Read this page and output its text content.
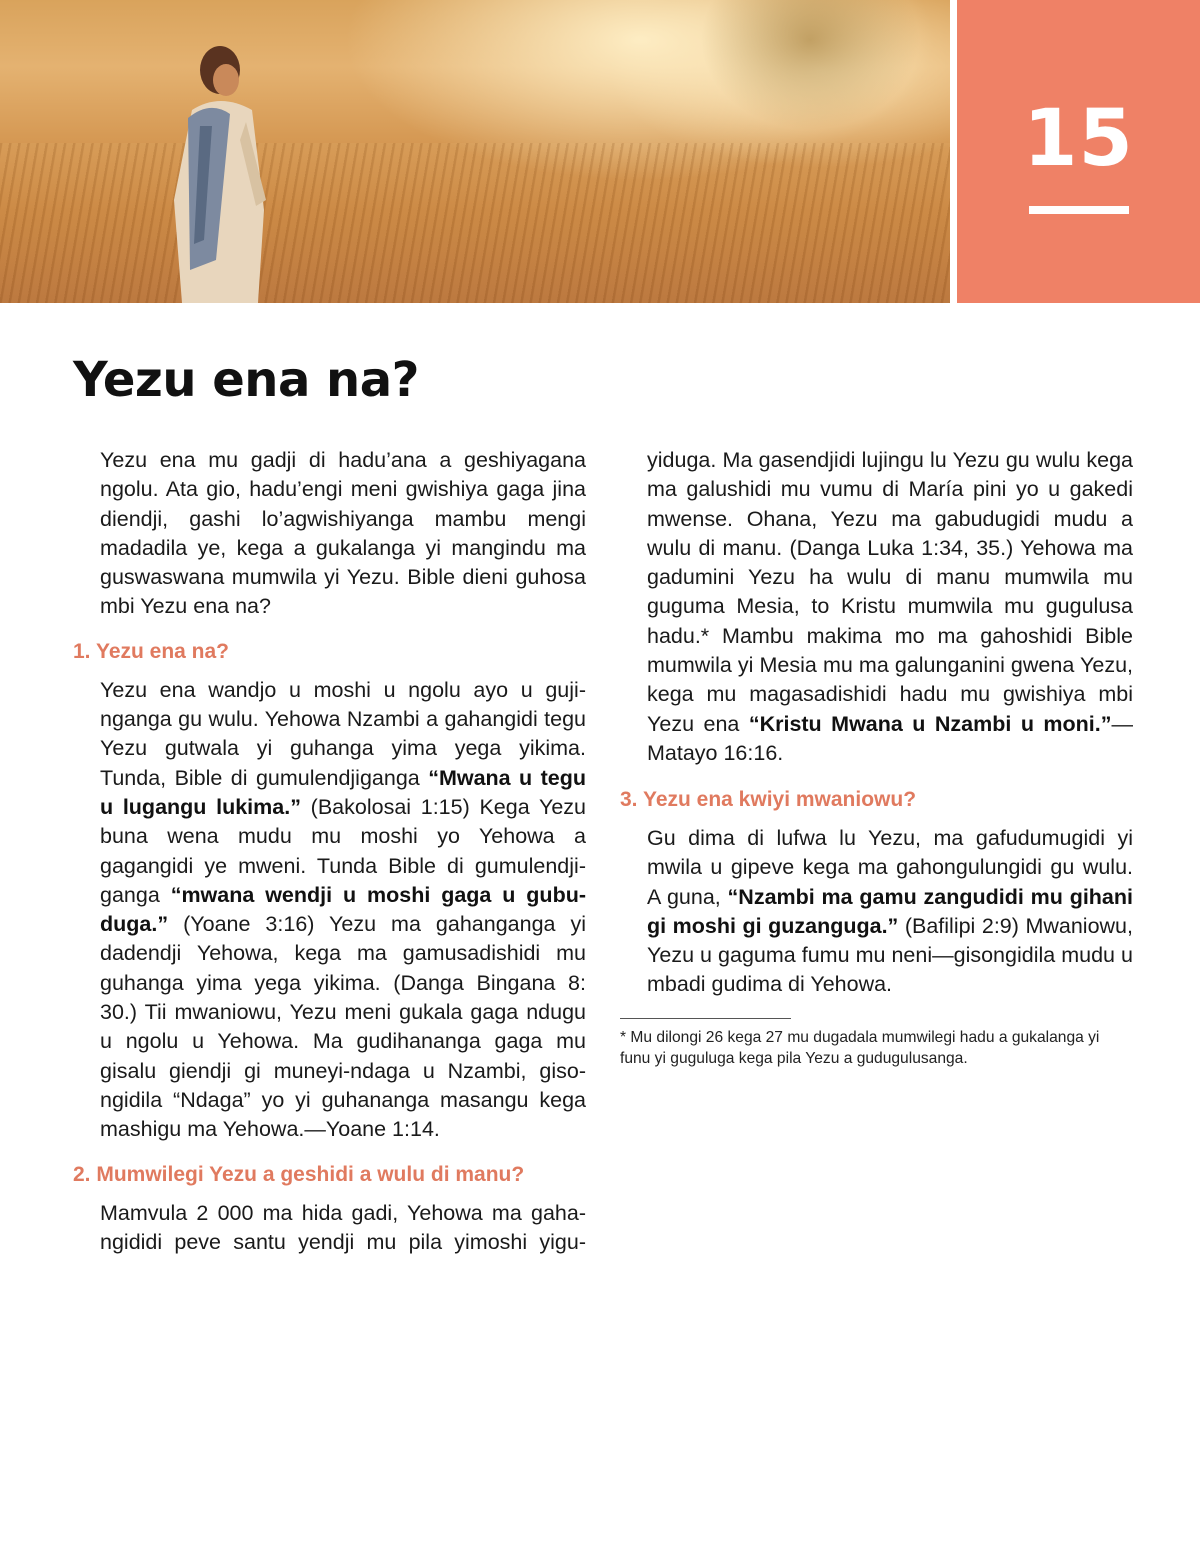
15
Yezu ena na?

Yezu ena mu gadji di hadu’ana a geshiyagana ngolu. Ata gio, hadu’engi meni gwishiya gaga jina diendji, gashi lo’agwishiyanga mambu mengi madadila ye, kega a gukalanga yi mangindu ma guswaswana mumwila yi Yezu. Bible dieni guhosa mbi Yezu ena na?

1. Yezu ena na?

Yezu ena wandjo u moshi u ngolu ayo u gujinganga gu wulu. Yehowa Nzambi a gahangidi tegu Yezu gutwala yi guhanga yima yega yikima. Tunda, Bible di gumulendjiganga “Mwana u tegu u lugangu lukima.” (Bakolosai 1:15) Kega Yezu buna wena mudu mu moshi yo Yehowa a gagangidi ye mweni. Tunda Bible di gumulendjiganga “mwana wendji u moshi gaga u gubuduga.” (Yoane 3:16) Yezu ma gahanganga yi dadendji Yehowa, kega ma gamusadishidi mu guhanga yima yega yikima. (Danga Bingana 8: 30.) Tii mwaniowu, Yezu meni gukala gaga ndugu u ngolu u Yehowa. Ma gudihananga gaga mu gisalu giendji gi muneyi-ndaga u Nzambi, gisongidila “Ndaga” yo yi guhananga masangu kega mashigu ma Yehowa.—Yoane 1:14.

2. Mumwilegi Yezu a geshidi a wulu di manu?

Mamvula 2 000 ma hida gadi, Yehowa ma gahangididi peve santu yendji mu pila yimoshi yigu

iduga. Ma gasendjidi lujingu lu Yezu gu wulu kega ma galushidi mu vumu di María pini yo u gakedi mwense. Ohana, Yezu ma gabudugidi mudu a wulu di manu. (Danga Luka 1:34, 35.) Yehowa ma gadumini Yezu ha wulu di manu mumwila mu guguma Mesia, to Kristu mumwila mu gugulusa hadu.* Mambu makima mo ma gahoshidi Bible mumwila yi Mesia mu ma galunganini gwena Yezu, kega mu magasadishidi hadu mu gwishiya mbi Yezu ena “Kristu Mwana u Nzambi u moni.”—Matayo 16:16.

3. Yezu ena kwiyi mwaniowu?

Gu dima di lufwa lu Yezu, ma gafudumugidi yi mwila u gipeve kega ma gahongulungidi gu wulu. A guna, “Nzambi ma gamu zangudidi mu gihani gi moshi gi guzanguga.” (Bafilipi 2:9) Mwaniowu, Yezu u gaguma fumu mu neni—gisongidila mudu u mbadi gudima di Yehowa.

* Mu dilongi 26 kega 27 mu dugadala mumwilegi hadu a gukalanga yi funu yi guguluga kega pila Yezu a gudugulusanga.
